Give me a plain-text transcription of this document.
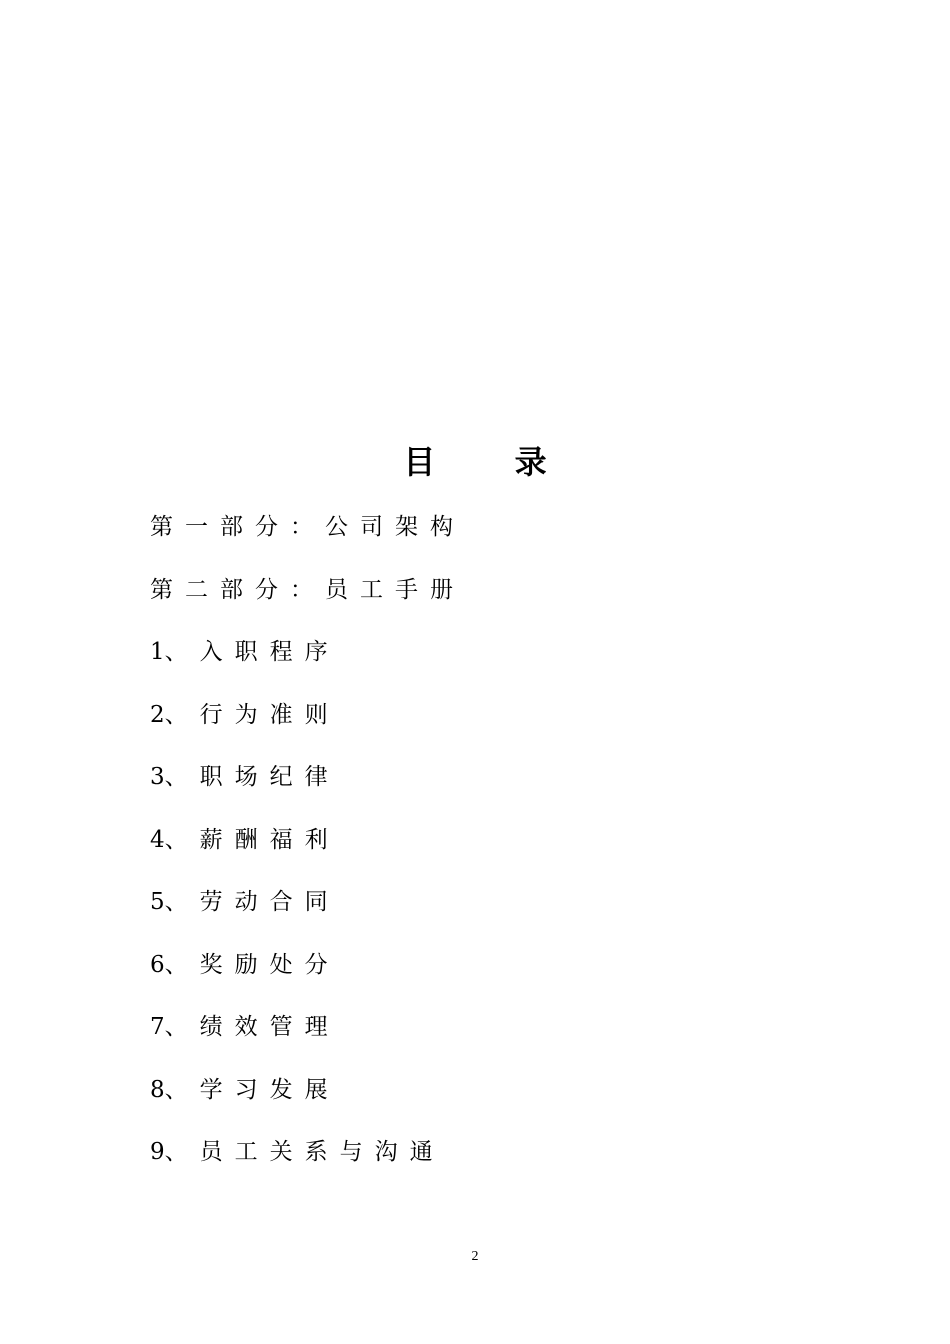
目 录
第一部分：公司架构
第二部分：员工手册
1、入职程序
2、行为准则
3、职场纪律
4、薪酬福利
5、劳动合同
6、奖励处分
7、绩效管理
8、学习发展
9、员工关系与沟通
2
